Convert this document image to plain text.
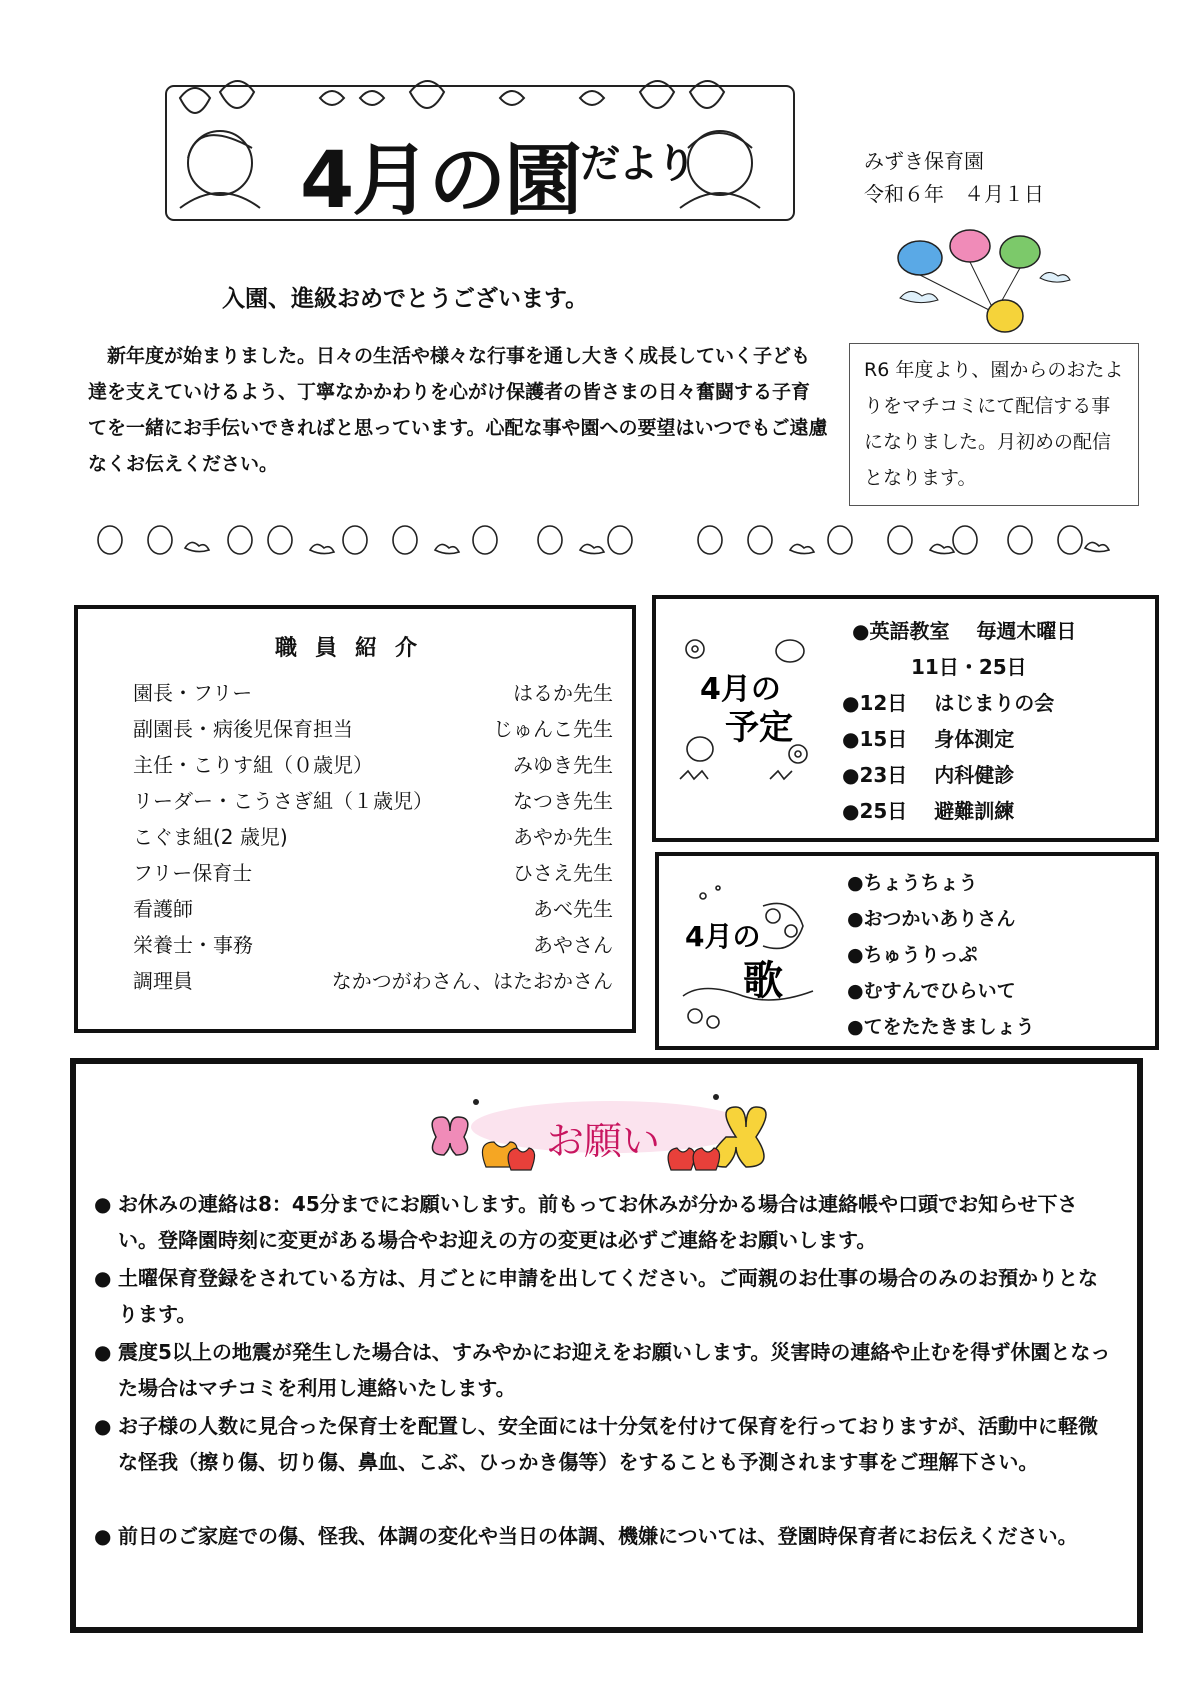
4月の園$^{だより}$	みずき保育園
令和６年　４月１日
入園、進級おめでとうございます。
　新年度が始まりました。日々の生活や様々な行事を通し大きく成長していく子ども達を支えていけるよう、丁寧なかかわりを心がけ保護者の皆さまの日々奮闘する子育てを一緒にお手伝いできればと思っています。心配な事や園への要望はいつでもご遠慮なくお伝えください。
R6 年度より、園からのおたよりをマチコミにて配信する事になりました。月初めの配信となります。
職員紹介
園長・フリー	はるか先生
副園長・病後児保育担当	じゅんこ先生
主任・こりす組（０歳児）	みゆき先生
リーダー・こうさぎ組（１歳児）	なつき先生
こぐま組(2 歳児)	あやか先生
フリー保育士	ひさえ先生
看護師	あべ先生
栄養士・事務	あやさん
調理員	なかつがわさん、はたおかさん
4月の
予定
●英語教室　 毎週木曜日
11日・25日
●12日　 はじまりの会
●15日　 身体測定
●23日　 内科健診
●25日　 避難訓練
4月の
歌
●ちょうちょう
●おつかいありさん
●ちゅうりっぷ
●むすんでひらいて
●てをたたきましょう
お願い
● お休みの連絡は8：45分までにお願いします。前もってお休みが分かる場合は連絡帳や口頭でお知らせ下さい。登降園時刻に変更がある場合やお迎えの方の変更は必ずご連絡をお願いします。
● 土曜保育登録をされている方は、月ごとに申請を出してください。ご両親のお仕事の場合のみのお預かりとなります。
● 震度5以上の地震が発生した場合は、すみやかにお迎えをお願いします。災害時の連絡や止むを得ず休園となった場合はマチコミを利用し連絡いたします。
● お子様の人数に見合った保育士を配置し、安全面には十分気を付けて保育を行っておりますが、活動中に軽微な怪我（擦り傷、切り傷、鼻血、こぶ、ひっかき傷等）をすることも予測されます事をご理解下さい。
● 前日のご家庭での傷、怪我、体調の変化や当日の体調、機嫌については、登園時保育者にお伝えください。
